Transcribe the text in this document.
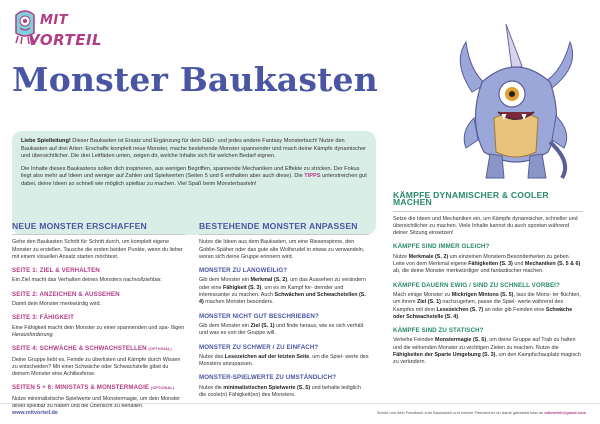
MIT
VORTEIL
Monster Baukasten

Liebe Spielleitung! Dieser Baukasten ist Ersatz und Ergänzung für dein D&D- und jedes andere Fantasy Monsterbuch! Nutze den Baukasten auf drei Arten: Erschaffe komplett neue Monster, mache bestehende Monster spannender und mach deine Kämpfe dynamischer und übersichtlicher. Die drei Leitfäden unten, zeigen dir, welche Inhalte sich für welchen Bedarf eignen.

Die Inhalte dieses Baukastens sollen dich inspirieren, aus wenigen Begriffen, spannende Mechaniken und Effekte zu stricken. Der Fokus liegt also mehr auf Ideen und weniger auf Zahlen und Spielwerten (Seiten 5 und 6 enthalten aber auch diese). Die TIPPS unterstreichen gut dabei, deine Ideen so schnell wie möglich spielbar zu machen. Viel Spaß beim Monsterbasteln!

NEUE MONSTER ERSCHAFFEN

Gehe den Baukasten Schritt für Schritt durch, um komplett eigene Monster zu erstellen. Tausche die ersten beiden Punkte, wenn du lieber mit einem visuellen Ansatz starten möchtest.

SEITE 1: ZIEL & VERHALTEN

Ein Ziel macht das Verhalten deines Monsters nachvollziehbar.

SEITE 2: ANZEICHEN & AUSSEHEN

Damit dein Monster merkwürdig wird.

SEITE 3: FÄHIGKEIT

Eine Fähigkeit macht dein Monster zu einer spannenden und spa- ßigen Herausforderung.

SEITE 4: SCHWÄCHE & SCHWACHSTELLEN (OPTIONAL)

Deine Gruppe liebt es, Feinde zu überlisten und Kämpfe durch Wissen zu entscheiden? Mit einer Schwäche oder Schwachstelle gibst du deinem Monster eine Achillesferse.

SEITEN 5 + 6: MINISTATS & MONSTERMAGIE (OPTIONAL)

Nutze minimalistische Spielwerte und Monstermagie, um dein Monster direkt spielbar zu haben und die Übersicht zu behalten.

BESTEHENDE MONSTER ANPASSEN

Nutze die Ideen aus dem Baukasten, um eine Riesenspinne, den Goblin-Späher oder das gute alte Wolfsrudel in etwas zu verwandeln, woran sich deine Gruppe erinnern wird.

MONSTER ZU LANGWEILIG?

Gib dem Monster ein Merkmal (S. 2), um das Aussehen zu verändern oder eine Fähigkeit (S. 3), um es im Kampf for- dernder und interessanter zu machen. Auch Schwächen und Schwachstellen (S. 4) machen Monster besonders.

MONSTER NICHT GUT BESCHRIEBEN?

Gib dem Monster ein Ziel (S. 1) und finde heraus, wie es sich verhält und was es von der Gruppe will.

MONSTER ZU SCHWER / ZU EINFACH?

Nutze das Lesezeichen auf der letzten Seite, um die Spiel- werte des Monsters anzupassen.

MONSTER-SPIELWERTE ZU UMSTÄNDLICH?

Nutze die minimalistischen Spielwerte (S. 5) und behalte lediglich die coole(n) Fähigkeit(en) des Monsters.

KÄMPFE DYNAMISCHER & COOLER MACHEN

Setze die Ideen und Mechaniken ein, um Kämpfe dynamischer, schneller und übersichtlicher zu machen. Viele Inhalte kannst du auch spontan während deiner Sitzung einsetzen!

KÄMPFE SIND IMMER GLEICH?

Nutze Merkmale (S. 2) um einzelnen Monstern Besonderheiten zu geben. Leite von dem Merkmal eigene Fähigkeiten (S. 3) und Mechaniken (S. 5 & 6) ab, die deine Monster merkwürdiger und fantastischer machen.

KÄMPFE DAUERN EWIG / SIND ZU SCHNELL VORBEI?

Mach einige Monster zu Mickrigen Minions (S. 5), lass die Mons- ter flüchten, um ihrem Ziel (S. 1) nachzugehen, passe die Spiel- werte während des Kampfes mit dem Lesezeichen (S. 7) an oder gib Feinden eine Schwäche oder Schwachstelle (S. 4).

KÄMPFE SIND ZU STATISCH?

Verleihe Feinden Monstermagie (S. 6), um deine Gruppe auf Trab zu halten und die wirkenden Monster zu wichtigen Zielen zu machen. Nutze die Fähigkeiten der Sparte Umgebung (S. 3), um den Kampfschauplatz magisch zu verändern.

www.mitvorteil.de	Sende uns dein Feedback zum Baukasten und welche Fleeviecher du damit gebastelt hast an mitvorteil@gmail.com
